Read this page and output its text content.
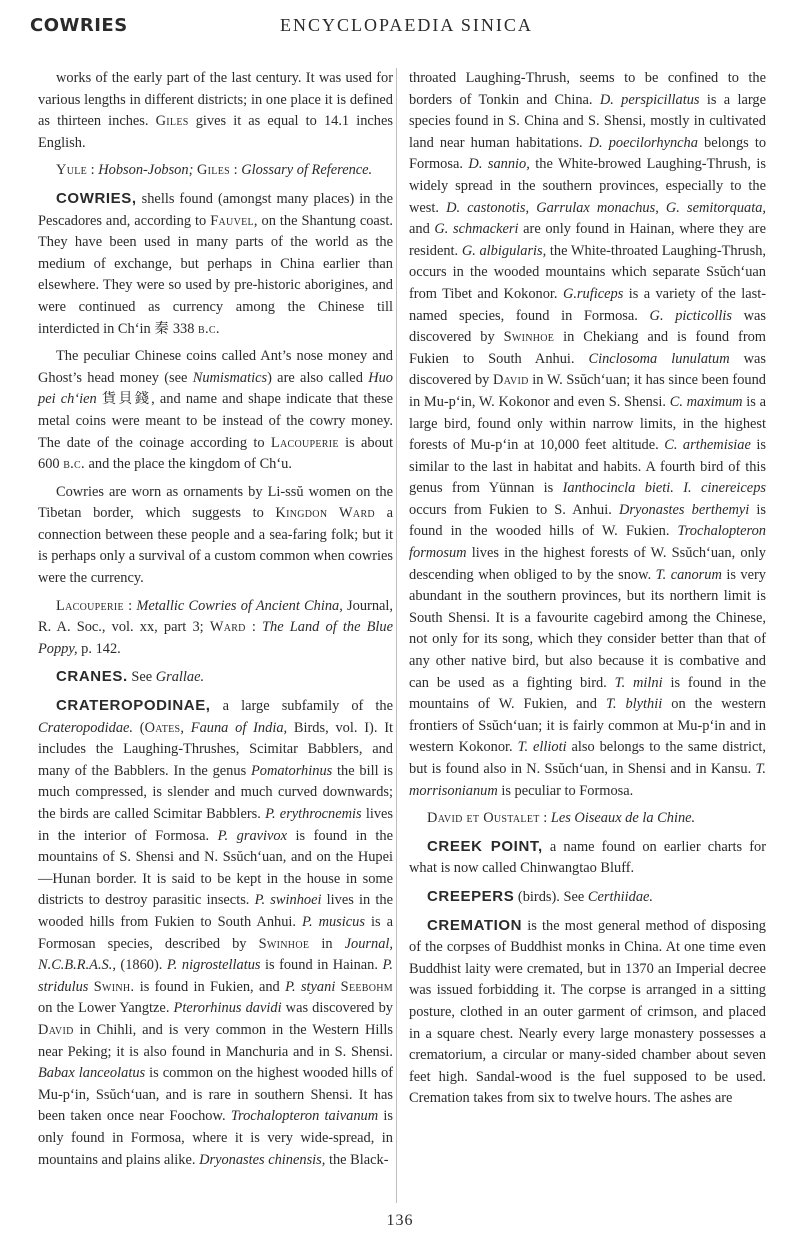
COWRIES	ENCYCLOPAEDIA SINICA

works of the early part of the last century. It was used for various lengths in different districts; in one place it is defined as thirteen inches. Giles gives it as equal to 14.1 inches English.

Yule : Hobson-Jobson; Giles : Glossary of Reference.

COWRIES, shells found (amongst many places) in the Pescadores and, according to Fauvel, on the Shantung coast. They have been used in many parts of the world as the medium of exchange, but perhaps in China earlier than elsewhere. They were so used by pre-historic aborigines, and were continued as currency among the Chinese till interdicted in Chʻin 秦 338 b.c.

The peculiar Chinese coins called Ant’s nose money and Ghost’s head money (see Numismatics) are also called Huo pei chʻien 貨貝錢, and name and shape indicate that these metal coins were meant to be instead of the cowry money. The date of the coinage according to Lacouperie is about 600 b.c. and the place the kingdom of Chʻu.

Cowries are worn as ornaments by Li-ssŭ women on the Tibetan border, which suggests to Kingdon Ward a connection between these people and a sea-faring folk; but it is perhaps only a survival of a custom common when cowries were the currency.

Lacouperie : Metallic Cowries of Ancient China, Journal, R. A. Soc., vol. xx, part 3; Ward : The Land of the Blue Poppy, p. 142.

CRANES. See Grallae.

CRATEROPODINAE, a large subfamily of the Crateropodidae. (Oates, Fauna of India, Birds, vol. I). It includes the Laughing-Thrushes, Scimitar Babblers, and many of the Babblers. In the genus Pomatorhinus the bill is much compressed, is slender and much curved downwards; the birds are called Scimitar Babblers. P. erythrocnemis lives in the interior of Formosa. P. gravivox is found in the mountains of S. Shensi and N. Ssŭchʻuan, and on the Hupei—Hunan border. It is said to be kept in the house in some districts to destroy parasitic insects. P. swinhoei lives in the wooded hills from Fukien to South Anhui. P. musicus is a Formosan species, described by Swinhoe in Journal, N.C.B.R.A.S., (1860). P. nigrostellatus is found in Hainan. P. stridulus Swinh. is found in Fukien, and P. styani Seebohm on the Lower Yangtze. Pterorhinus davidi was discovered by David in Chihli, and is very common in the Western Hills near Peking; it is also found in Manchuria and in S. Shensi. Babax lanceolatus is common on the highest wooded hills of Mu-pʻin, Ssŭchʻuan, and is rare in southern Shensi. It has been taken once near Foochow. Trochalopteron taivanum is only found in Formosa, where it is very wide-spread, in mountains and plains alike. Dryonastes chinensis, the Black-

throated Laughing-Thrush, seems to be confined to the borders of Tonkin and China. D. perspicillatus is a large species found in S. China and S. Shensi, mostly in cultivated land near human habitations. D. poecilorhyncha belongs to Formosa. D. sannio, the White-browed Laughing-Thrush, is widely spread in the southern provinces, especially to the west. D. castonotis, Garrulax monachus, G. semitorquata, and G. schmackeri are only found in Hainan, where they are resident. G. albigularis, the White-throated Laughing-Thrush, occurs in the wooded mountains which separate Ssŭchʻuan from Tibet and Kokonor. G.ruficeps is a variety of the last-named species, found in Formosa. G. picticollis was discovered by Swinhoe in Chekiang and is found from Fukien to South Anhui. Cinclosoma lunulatum was discovered by David in W. Ssŭchʻuan; it has since been found in Mu-pʻin, W. Kokonor and even S. Shensi. C. maximum is a large bird, found only within narrow limits, in the highest forests of Mu-pʻin at 10,000 feet altitude. C. arthemisiae is similar to the last in habitat and habits. A fourth bird of this genus from Yünnan is Ianthocincla bieti. I. cinereiceps occurs from Fukien to S. Anhui. Dryonastes berthemyi is found in the wooded hills of W. Fukien. Trochalopteron formosum lives in the highest forests of W. Ssŭchʻuan, only descending when obliged to by the snow. T. canorum is very abundant in the southern provinces, but its northern limit is South Shensi. It is a favourite cagebird among the Chinese, not only for its song, which they consider better than that of any other native bird, but also because it is combative and can be used as a fighting bird. T. milni is found in the mountains of W. Fukien, and T. blythii on the western frontiers of Ssŭchʻuan; it is fairly common at Mu-pʻin and in western Kokonor. T. ellioti also belongs to the same district, but is found also in N. Ssŭchʻuan, in Shensi and in Kansu. T. morrisonianum is peculiar to Formosa.

David et Oustalet : Les Oiseaux de la Chine.

CREEK POINT, a name found on earlier charts for what is now called Chinwangtao Bluff.

CREEPERS (birds). See Certhiidae.

CREMATION is the most general method of disposing of the corpses of Buddhist monks in China. At one time even Buddhist laity were cremated, but in 1370 an Imperial decree was issued forbidding it. The corpse is arranged in a sitting posture, clothed in an outer garment of crimson, and placed in a square chest. Nearly every large monastery possesses a crematorium, a circular or many-sided chamber about seven feet high. Sandal-wood is the fuel supposed to be used. Cremation takes from six to twelve hours. The ashes are

136
